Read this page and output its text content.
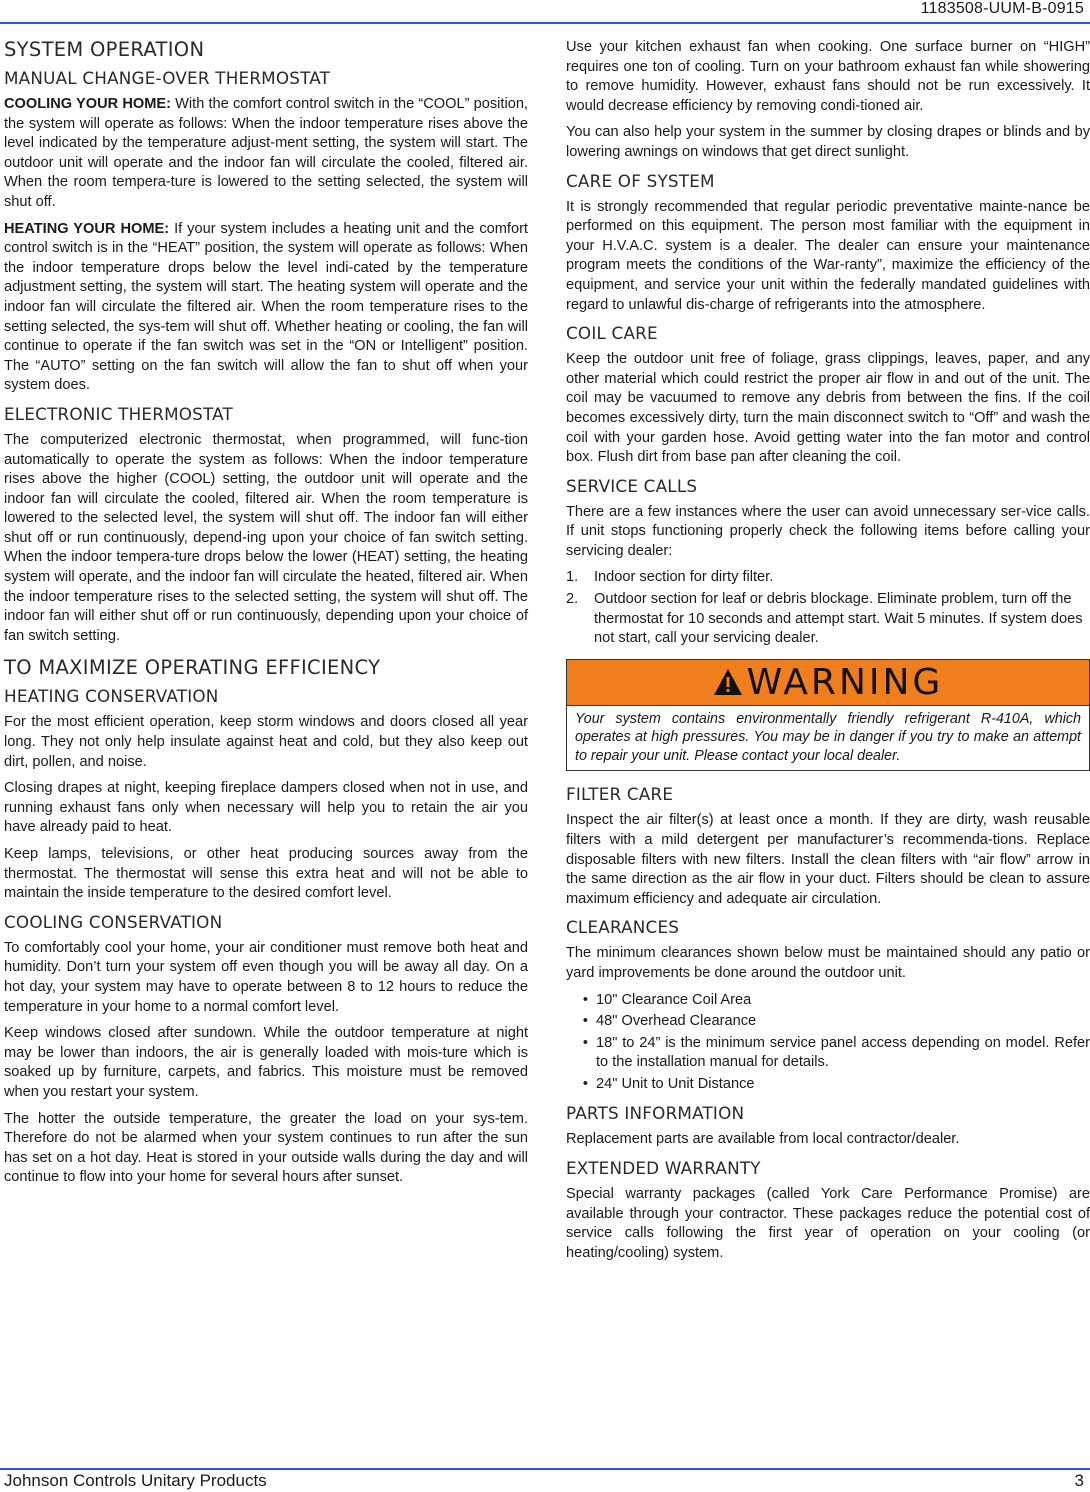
1183508-UUM-B-0915
SYSTEM OPERATION
MANUAL CHANGE-OVER THERMOSTAT

COOLING YOUR HOME: With the comfort control switch in the “COOL” position, the system will operate as follows: When the indoor temperature rises above the level indicated by the temperature adjust-ment setting, the system will start. The outdoor unit will operate and the indoor fan will circulate the cooled, filtered air. When the room tempera-ture is lowered to the setting selected, the system will shut off.

HEATING YOUR HOME: If your system includes a heating unit and the comfort control switch is in the “HEAT” position, the system will operate as follows: When the indoor temperature drops below the level indi-cated by the temperature adjustment setting, the system will start. The heating system will operate and the indoor fan will circulate the filtered air. When the room temperature rises to the setting selected, the sys-tem will shut off. Whether heating or cooling, the fan will continue to operate if the fan switch was set in the “ON or Intelligent” position. The “AUTO” setting on the fan switch will allow the fan to shut off when your system does.

ELECTRONIC THERMOSTAT

The computerized electronic thermostat, when programmed, will func-tion automatically to operate the system as follows: When the indoor temperature rises above the higher (COOL) setting, the outdoor unit will operate and the indoor fan will circulate the cooled, filtered air. When the room temperature is lowered to the selected level, the system will shut off. The indoor fan will either shut off or run continuously, depend-ing upon your choice of fan switch setting. When the indoor tempera-ture drops below the lower (HEAT) setting, the heating system will operate, and the indoor fan will circulate the heated, filtered air. When the indoor temperature rises to the selected setting, the system will shut off. The indoor fan will either shut off or run continuously, depending upon your choice of fan switch setting.

TO MAXIMIZE OPERATING EFFICIENCY
HEATING CONSERVATION

For the most efficient operation, keep storm windows and doors closed all year long. They not only help insulate against heat and cold, but they also keep out dirt, pollen, and noise.

Closing drapes at night, keeping fireplace dampers closed when not in use, and running exhaust fans only when necessary will help you to retain the air you have already paid to heat.

Keep lamps, televisions, or other heat producing sources away from the thermostat. The thermostat will sense this extra heat and will not be able to maintain the inside temperature to the desired comfort level.

COOLING CONSERVATION

To comfortably cool your home, your air conditioner must remove both heat and humidity. Don’t turn your system off even though you will be away all day. On a hot day, your system may have to operate between 8 to 12 hours to reduce the temperature in your home to a normal comfort level.

Keep windows closed after sundown. While the outdoor temperature at night may be lower than indoors, the air is generally loaded with mois-ture which is soaked up by furniture, carpets, and fabrics. This moisture must be removed when you restart your system.

The hotter the outside temperature, the greater the load on your sys-tem. Therefore do not be alarmed when your system continues to run after the sun has set on a hot day. Heat is stored in your outside walls during the day and will continue to flow into your home for several hours after sunset.

Use your kitchen exhaust fan when cooking. One surface burner on “HIGH” requires one ton of cooling. Turn on your bathroom exhaust fan while showering to remove humidity. However, exhaust fans should not be run excessively. It would decrease efficiency by removing condi-tioned air.

You can also help your system in the summer by closing drapes or blinds and by lowering awnings on windows that get direct sunlight.

CARE OF SYSTEM

It is strongly recommended that regular periodic preventative mainte-nance be performed on this equipment. The person most familiar with the equipment in your H.V.A.C. system is a dealer. The dealer can ensure your maintenance program meets the conditions of the War-ranty”, maximize the efficiency of the equipment, and service your unit within the federally mandated guidelines with regard to unlawful dis-charge of refrigerants into the atmosphere.

COIL CARE

Keep the outdoor unit free of foliage, grass clippings, leaves, paper, and any other material which could restrict the proper air flow in and out of the unit. The coil may be vacuumed to remove any debris from between the fins. If the coil becomes excessively dirty, turn the main disconnect switch to “Off” and wash the coil with your garden hose. Avoid getting water into the fan motor and control box. Flush dirt from base pan after cleaning the coil.

SERVICE CALLS

There are a few instances where the user can avoid unnecessary ser-vice calls. If unit stops functioning properly check the following items before calling your servicing dealer:

1.	Indoor section for dirty filter.
2.	Outdoor section for leaf or debris blockage. Eliminate problem, turn off the thermostat for 10 seconds and attempt start. Wait 5 minutes. If system does not start, call your servicing dealer.
WARNING
Your system contains environmentally friendly refrigerant R-410A, which operates at high pressures. You may be in danger if you try to make an attempt to repair your unit. Please contact your local dealer.
FILTER CARE

Inspect the air filter(s) at least once a month. If they are dirty, wash reusable filters with a mild detergent per manufacturer’s recommenda-tions. Replace disposable filters with new filters. Install the clean filters with “air flow” arrow in the same direction as the air flow in your duct. Filters should be clean to assure maximum efficiency and adequate air circulation.

CLEARANCES

The minimum clearances shown below must be maintained should any patio or yard improvements be done around the outdoor unit.

• 10" Clearance Coil Area
• 48" Overhead Clearance
• 18" to 24” is the minimum service panel access depending on model. Refer to the installation manual for details.
• 24" Unit to Unit Distance
PARTS INFORMATION

Replacement parts are available from local contractor/dealer.

EXTENDED WARRANTY

Special warranty packages (called York Care Performance Promise) are available through your contractor. These packages reduce the potential cost of service calls following the first year of operation on your cooling (or heating/cooling) system.

Johnson Controls Unitary Products	3
